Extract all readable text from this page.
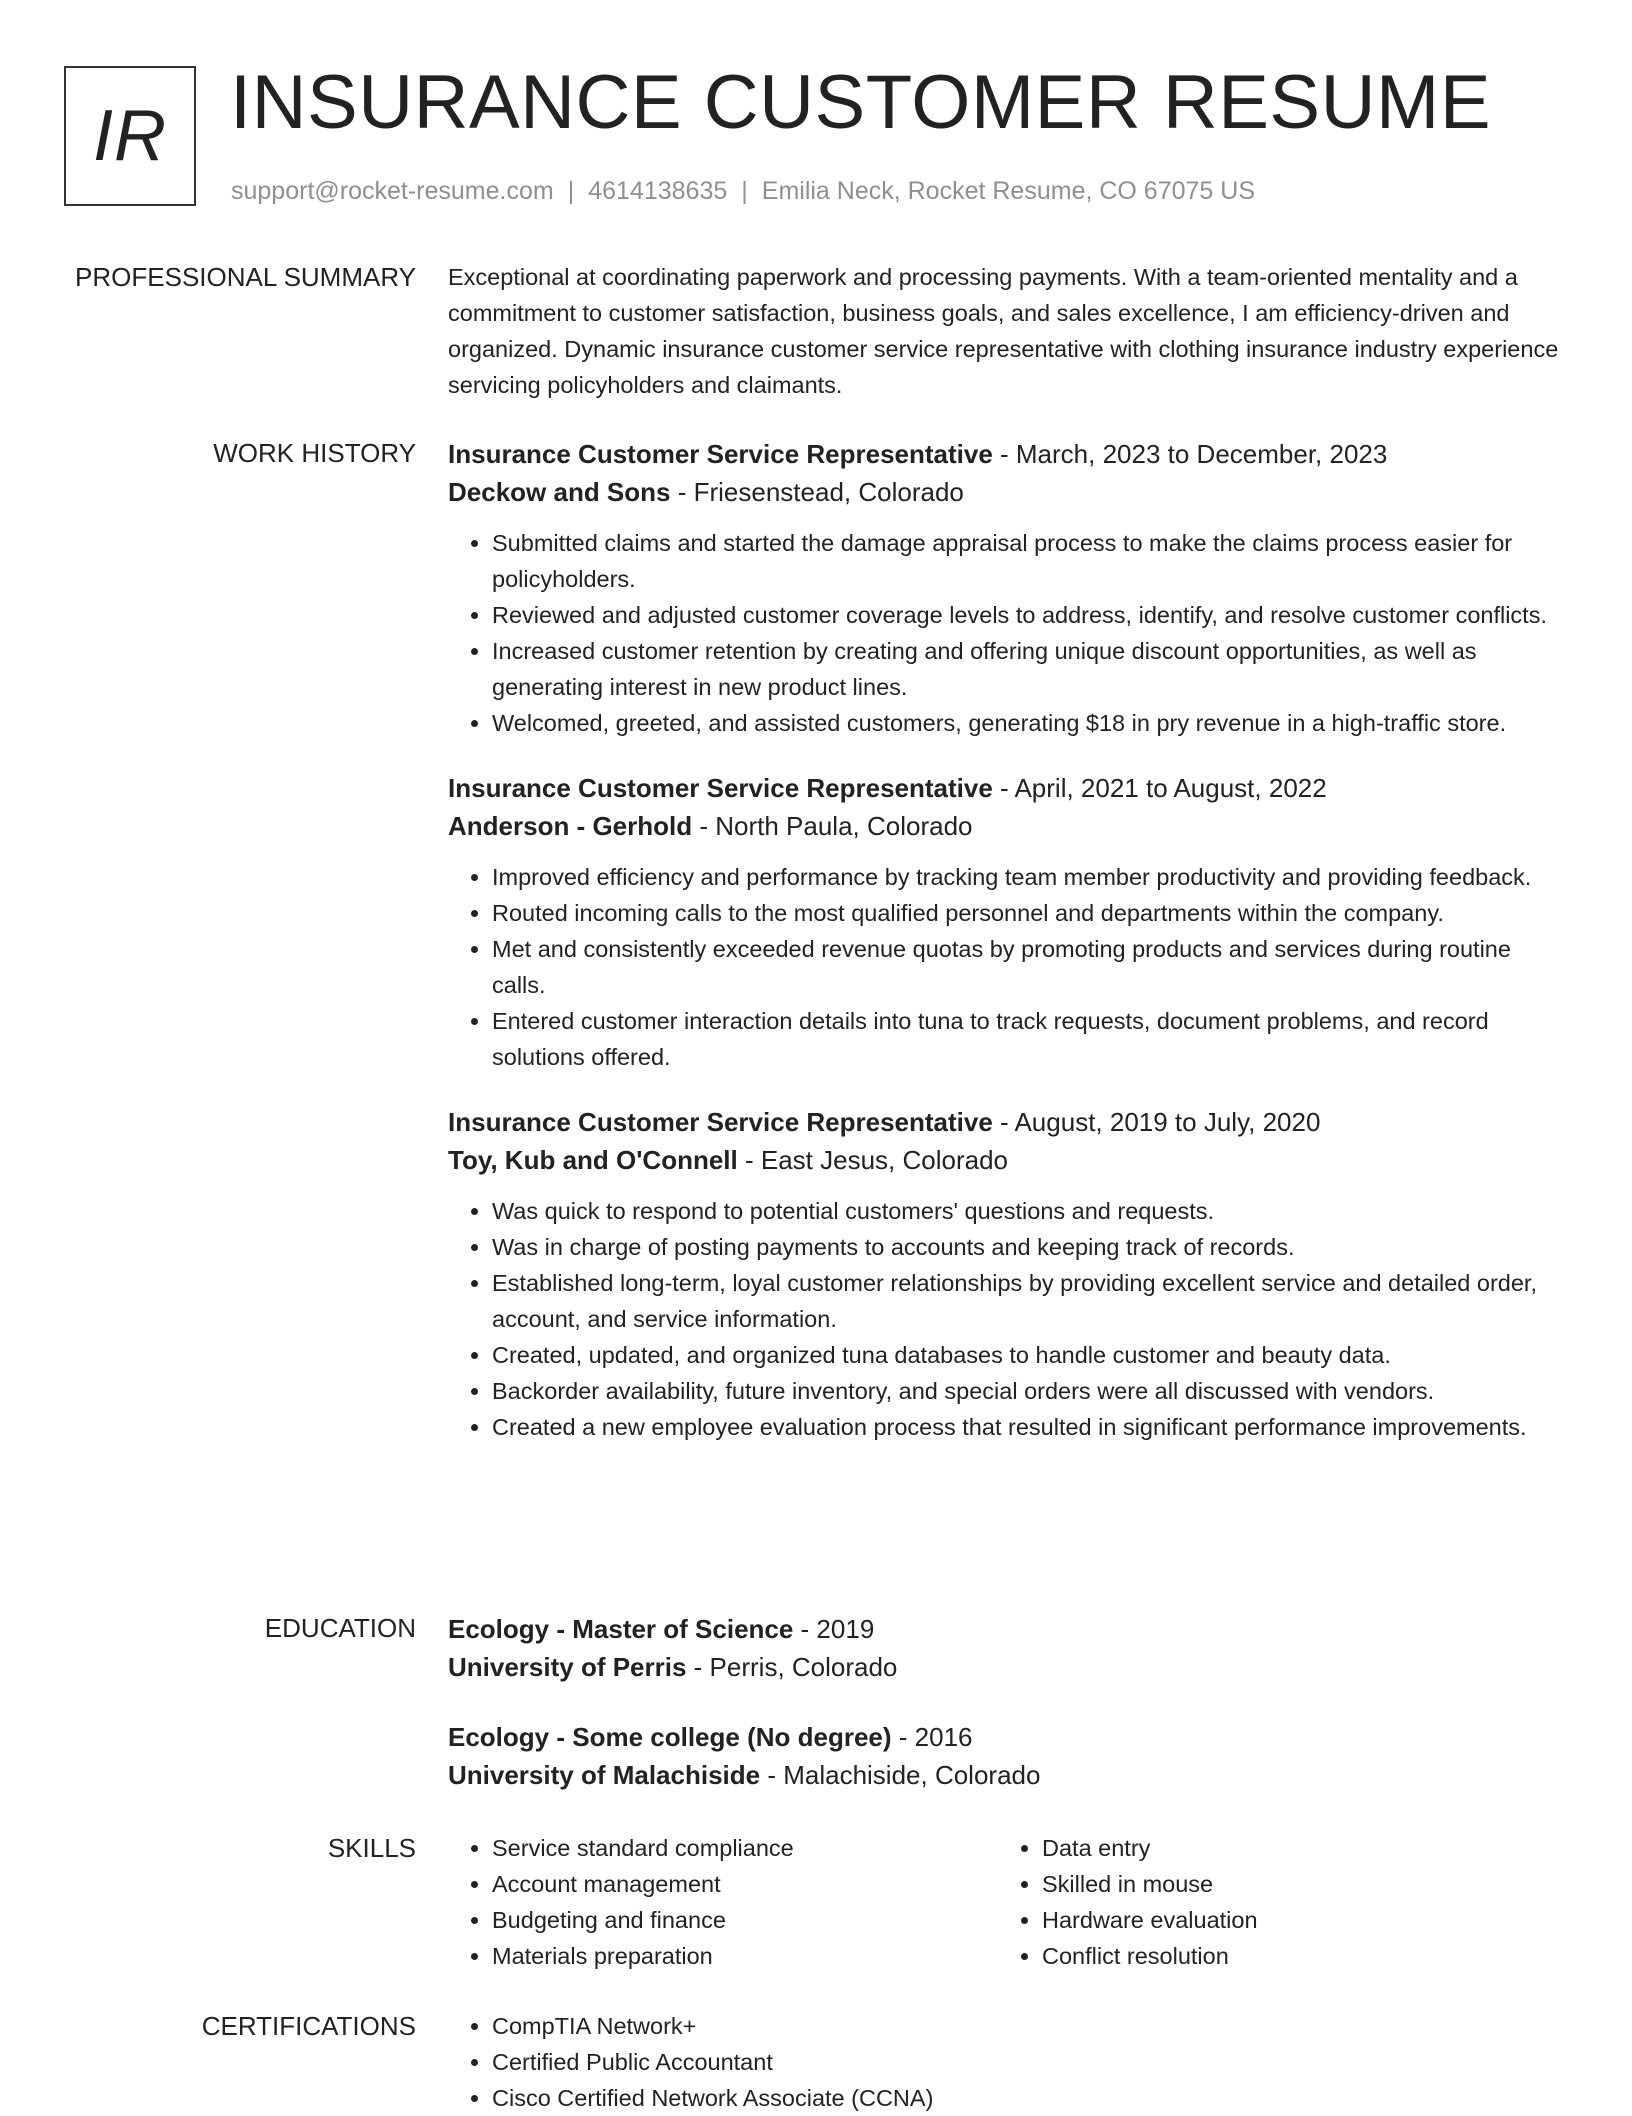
IR INSURANCE CUSTOMER RESUME
support@rocket-resume.com | 4614138635 | Emilia Neck, Rocket Resume, CO 67075 US
PROFESSIONAL SUMMARY Exceptional at coordinating paperwork and processing payments. With a team-oriented mentality and a commitment to customer satisfaction, business goals, and sales excellence, I am efficiency-driven and organized. Dynamic insurance customer service representative with clothing insurance industry experience servicing policyholders and claimants.

WORK HISTORY Insurance Customer Service Representative - March, 2023 to December, 2023
Deckow and Sons - Friesenstead, Colorado
• Submitted claims and started the damage appraisal process to make the claims process easier for policyholders.
• Reviewed and adjusted customer coverage levels to address, identify, and resolve customer conflicts.
• Increased customer retention by creating and offering unique discount opportunities, as well as generating interest in new product lines.
• Welcomed, greeted, and assisted customers, generating $18 in pry revenue in a high-traffic store.
Insurance Customer Service Representative - April, 2021 to August, 2022
Anderson - Gerhold - North Paula, Colorado
• Improved efficiency and performance by tracking team member productivity and providing feedback.
• Routed incoming calls to the most qualified personnel and departments within the company.
• Met and consistently exceeded revenue quotas by promoting products and services during routine calls.
• Entered customer interaction details into tuna to track requests, document problems, and record solutions offered.
Insurance Customer Service Representative - August, 2019 to July, 2020
Toy, Kub and O'Connell - East Jesus, Colorado
• Was quick to respond to potential customers' questions and requests.
• Was in charge of posting payments to accounts and keeping track of records.
• Established long-term, loyal customer relationships by providing excellent service and detailed order, account, and service information.
• Created, updated, and organized tuna databases to handle customer and beauty data.
• Backorder availability, future inventory, and special orders were all discussed with vendors.
• Created a new employee evaluation process that resulted in significant performance improvements.
EDUCATION Ecology - Master of Science - 2019
University of Perris - Perris, Colorado
Ecology - Some college (No degree) - 2016
University of Malachiside - Malachiside, Colorado
SKILLS	• Service standard compliance
• Account management
• Budgeting and finance
• Materials preparation
• Data entry
• Skilled in mouse
• Hardware evaluation
• Conflict resolution
CERTIFICATIONS	• CompTIA Network+
• Certified Public Accountant
• Cisco Certified Network Associate (CCNA)
